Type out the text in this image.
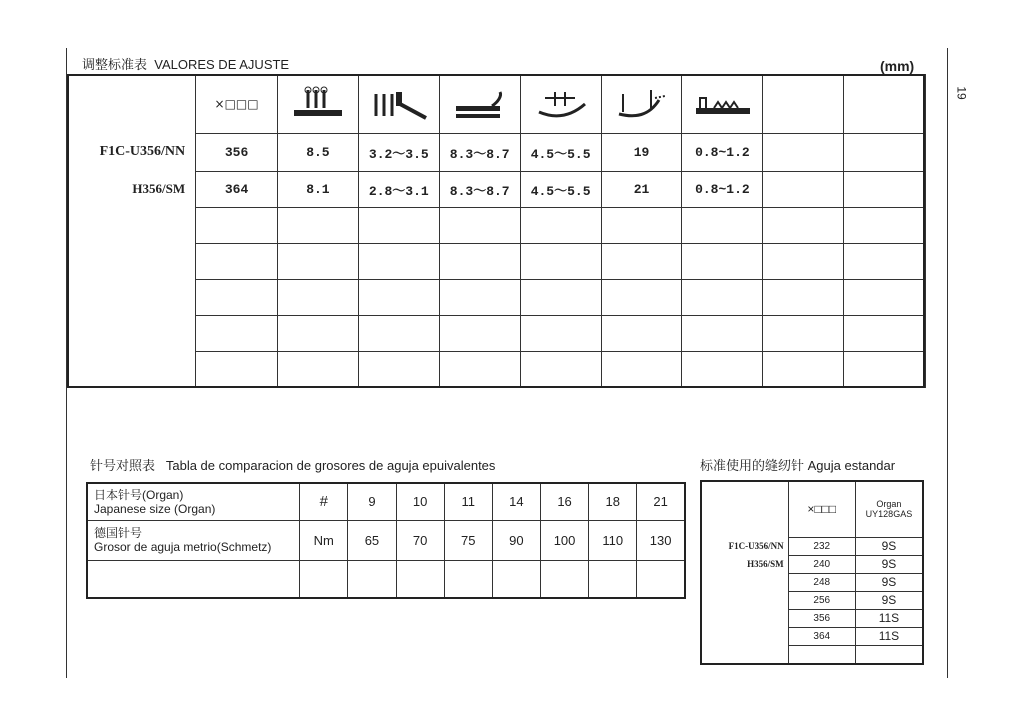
19
调整标准表 VALORES DE AJUSTE	(mm)
	×□□□	

F1C-U356/NN	356	8.5	3.2～3.5	8.3～8.7	4.5～5.5	19	0.8~1.2		
H356/SM	364	8.1	2.8～3.1	8.3～8.7	4.5～5.5	21	0.8~1.2		

针号对照表 Tabla de comparacion de grosores de aguja epuivalentes
日本针号(Organ)
Japanese size (Organ)	#	9	10	11	14	16	18	21

德国针号
Grosor de aguja metrio(Schmetz)	Nm	65	70	75	90	100	110	130

标准使用的缝纫针 Aguja estandar
	×□□□	Organ
UY128GAS

F1C-U356/NN	232	9S
H356/SM	240	9S
	248	9S
	256	9S
	356	11S
	364	11S
